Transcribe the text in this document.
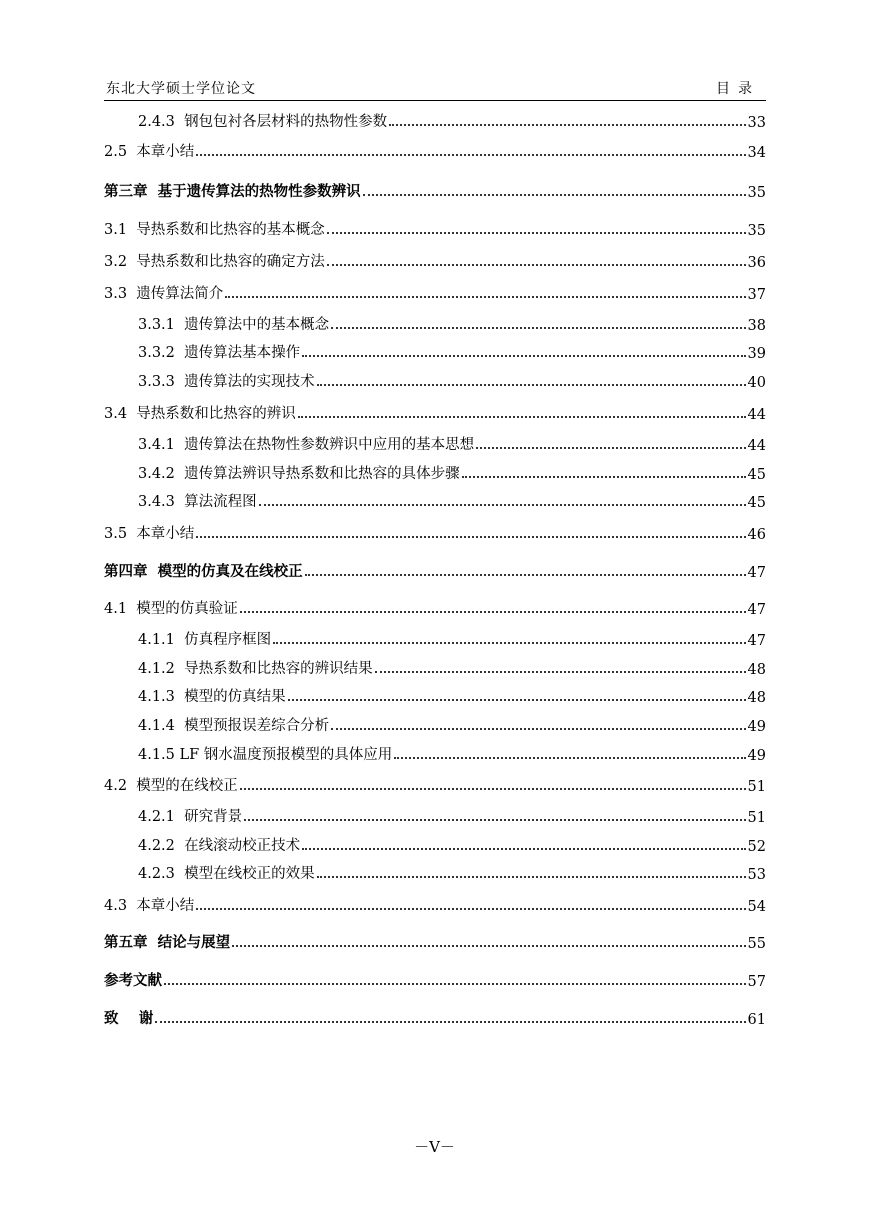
东北大学硕士学位论文	目录
2.4.3  钢包包衬各层材料的热物性参数	33
2.5  本章小结	34
第三章  基于遗传算法的热物性参数辨识	35
3.1  导热系数和比热容的基本概念	35
3.2  导热系数和比热容的确定方法	36
3.3  遗传算法简介	37
3.3.1  遗传算法中的基本概念	38
3.3.2  遗传算法基本操作	39
3.3.3  遗传算法的实现技术	40
3.4  导热系数和比热容的辨识	44
3.4.1  遗传算法在热物性参数辨识中应用的基本思想	44
3.4.2  遗传算法辨识导热系数和比热容的具体步骤	45
3.4.3  算法流程图	45
3.5  本章小结	46
第四章  模型的仿真及在线校正	47
4.1  模型的仿真验证	47
4.1.1  仿真程序框图	47
4.1.2  导热系数和比热容的辨识结果	48
4.1.3  模型的仿真结果	48
4.1.4  模型预报误差综合分析	49
4.1.5 LF 钢水温度预报模型的具体应用	49
4.2  模型的在线校正	51
4.2.1  研究背景	51
4.2.2  在线滚动校正技术	52
4.2.3  模型在线校正的效果	53
4.3  本章小结	54
第五章  结论与展望	55
参考文献	57
致    谢	61
－V－
